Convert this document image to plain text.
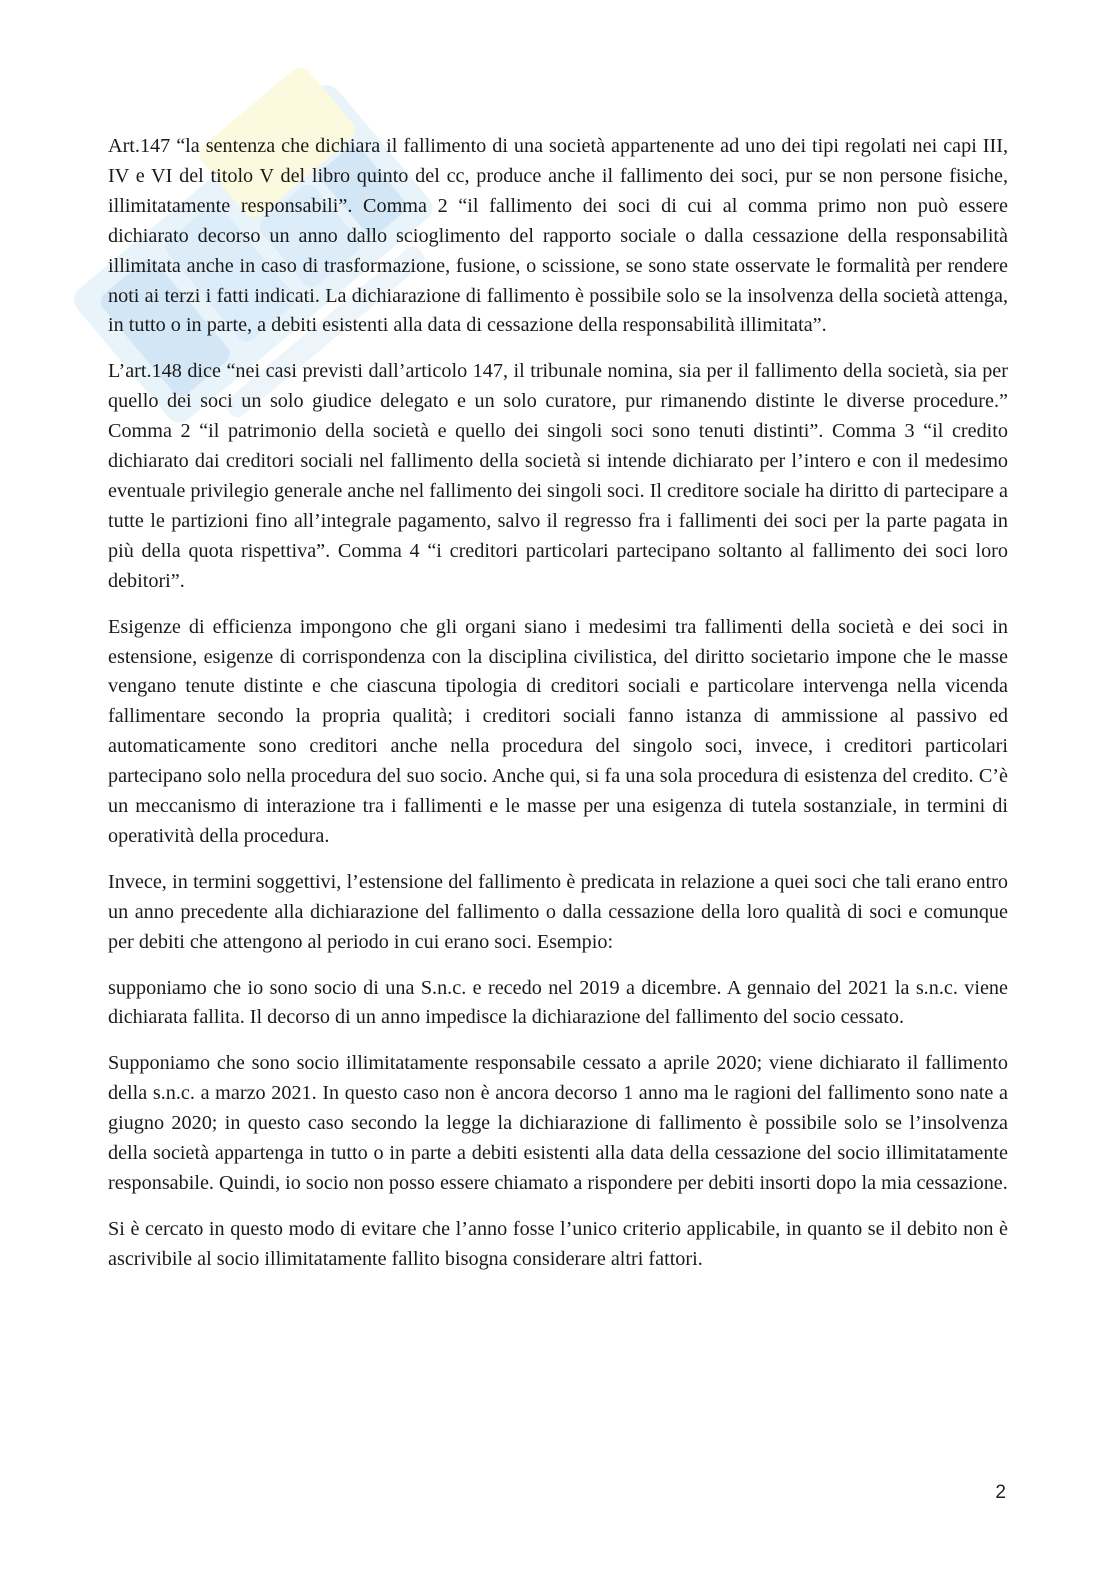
Art.147 “la sentenza che dichiara il fallimento di una società appartenente ad uno dei tipi regolati nei capi III, IV e VI del titolo V del libro quinto del cc, produce anche il fallimento dei soci, pur se non persone fisiche, illimitatamente responsabili”. Comma 2 “il fallimento dei soci di cui al comma primo non può essere dichiarato decorso un anno dallo scioglimento del rapporto sociale o dalla cessazione della responsabilità illimitata anche in caso di trasformazione, fusione, o scissione, se sono state osservate le formalità per rendere noti ai terzi i fatti indicati. La dichiarazione di fallimento è possibile solo se la insolvenza della società attenga, in tutto o in parte, a debiti esistenti alla data di cessazione della responsabilità illimitata”.

L’art.148 dice “nei casi previsti dall’articolo 147, il tribunale nomina, sia per il fallimento della società, sia per quello dei soci un solo giudice delegato e un solo curatore, pur rimanendo distinte le diverse procedure.” Comma 2 “il patrimonio della società e quello dei singoli soci sono tenuti distinti”. Comma 3 “il credito dichiarato dai creditori sociali nel fallimento della società si intende dichiarato per l’intero e con il medesimo eventuale privilegio generale anche nel fallimento dei singoli soci. Il creditore sociale ha diritto di partecipare a tutte le partizioni fino all’integrale pagamento, salvo il regresso fra i fallimenti dei soci per la parte pagata in più della quota rispettiva”. Comma 4 “i creditori particolari partecipano soltanto al fallimento dei soci loro debitori”.

Esigenze di efficienza impongono che gli organi siano i medesimi tra fallimenti della società e dei soci in estensione, esigenze di corrispondenza con la disciplina civilistica, del diritto societario impone che le masse vengano tenute distinte e che ciascuna tipologia di creditori sociali e particolare intervenga nella vicenda fallimentare secondo la propria qualità; i creditori sociali fanno istanza di ammissione al passivo ed automaticamente sono creditori anche nella procedura del singolo soci, invece, i creditori particolari partecipano solo nella procedura del suo socio. Anche qui, si fa una sola procedura di esistenza del credito. C’è un meccanismo di interazione tra i fallimenti e le masse per una esigenza di tutela sostanziale, in termini di operatività della procedura.

Invece, in termini soggettivi, l’estensione del fallimento è predicata in relazione a quei soci che tali erano entro un anno precedente alla dichiarazione del fallimento o dalla cessazione della loro qualità di soci e comunque per debiti che attengono al periodo in cui erano soci. Esempio:

supponiamo che io sono socio di una S.n.c. e recedo nel 2019 a dicembre. A gennaio del 2021 la s.n.c. viene dichiarata fallita. Il decorso di un anno impedisce la dichiarazione del fallimento del socio cessato.

Supponiamo che sono socio illimitatamente responsabile cessato a aprile 2020; viene dichiarato il fallimento della s.n.c. a marzo 2021. In questo caso non è ancora decorso 1 anno ma le ragioni del fallimento sono nate a giugno 2020; in questo caso secondo la legge la dichiarazione di fallimento è possibile solo se l’insolvenza della società appartenga in tutto o in parte a debiti esistenti alla data della cessazione del socio illimitatamente responsabile. Quindi, io socio non posso essere chiamato a rispondere per debiti insorti dopo la mia cessazione.

Si è cercato in questo modo di evitare che l’anno fosse l’unico criterio applicabile, in quanto se il debito non è ascrivibile al socio illimitatamente fallito bisogna considerare altri fattori.

2
